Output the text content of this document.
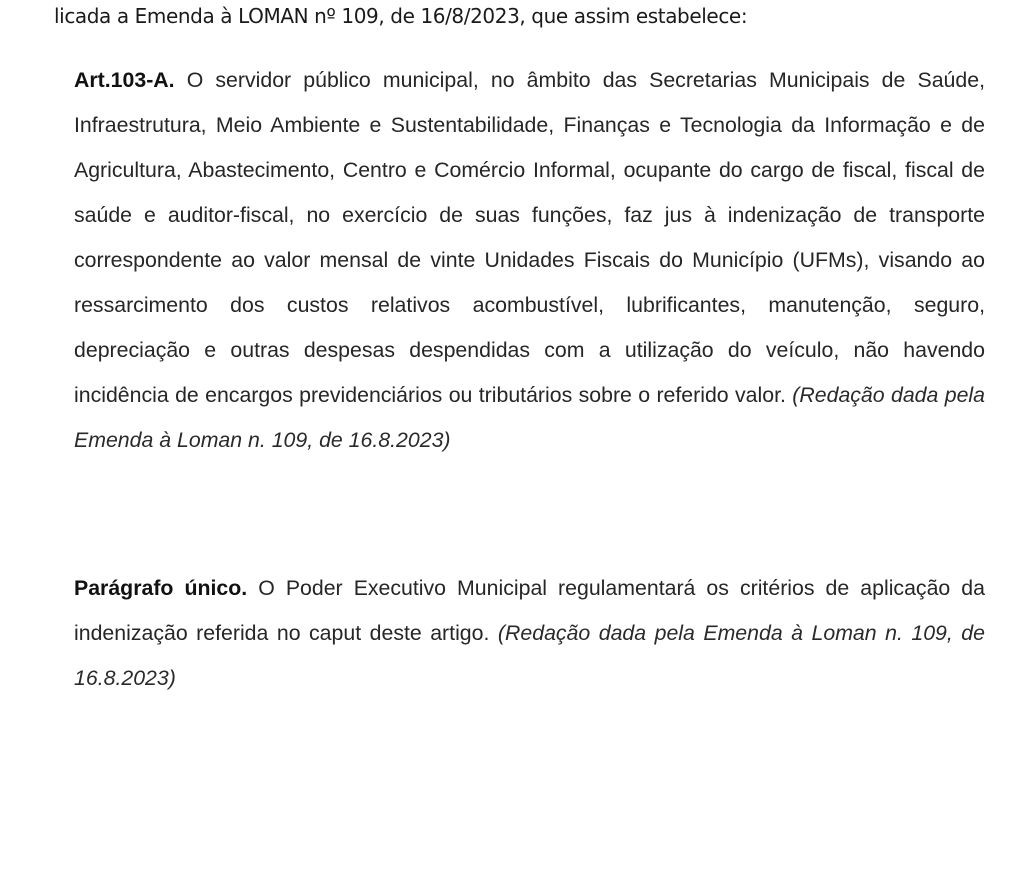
licada a Emenda à LOMAN nº 109, de 16/8/2023, que assim estabelece:
Art.103-A. O servidor público municipal, no âmbito das Secretarias Municipais de Saúde, Infraestrutura, Meio Ambiente e Sustentabilidade, Finanças e Tecnologia da Informação e de Agricultura, Abastecimento, Centro e Comércio Informal, ocupante do cargo de fiscal, fiscal de saúde e auditor-fiscal, no exercício de suas funções, faz jus à indenização de transporte correspondente ao valor mensal de vinte Unidades Fiscais do Município (UFMs), visando ao ressarcimento dos custos relativos acombustível, lubrificantes, manutenção, seguro, depreciação e outras despesas despendidas com a utilização do veículo, não havendo incidência de encargos previdenciários ou tributários sobre o referido valor. (Redação dada pela Emenda à Loman n. 109, de 16.8.2023)
Parágrafo único. O Poder Executivo Municipal regulamentará os critérios de aplicação da indenização referida no caput deste artigo. (Redação dada pela Emenda à Loman n. 109, de 16.8.2023)
